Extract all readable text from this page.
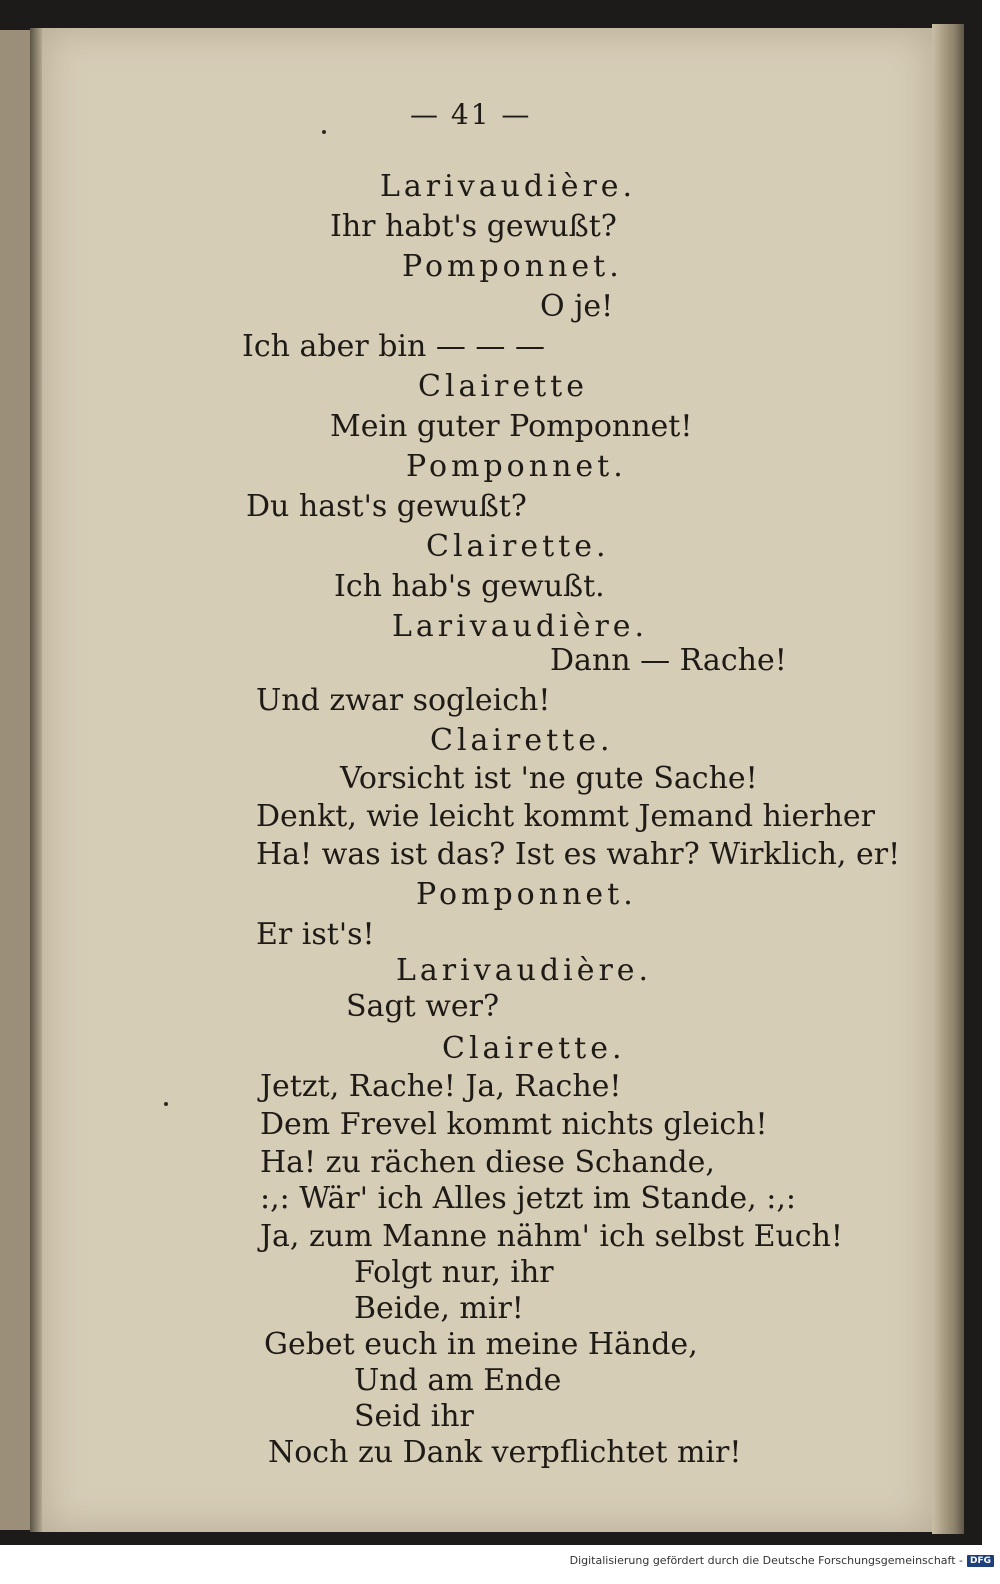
— 41 —
Larivaudière.
Ihr habt's gewußt?
Pomponnet.
O je!
Ich aber bin — — —
Clairette
Mein guter Pomponnet!
Pomponnet.
Du hast's gewußt?
Clairette.
Ich hab's gewußt.
Larivaudière.
Dann — Rache!
Und zwar sogleich!
Clairette.
Vorsicht ist 'ne gute Sache!
Denkt, wie leicht kommt Jemand hierher
Ha! was ist das? Ist es wahr? Wirklich, er!
Pomponnet.
Er ist's!
Larivaudière.
Sagt wer?
Clairette.
Jetzt, Rache! Ja, Rache!
Dem Frevel kommt nichts gleich!
Ha! zu rächen diese Schande,
:,: Wär' ich Alles jetzt im Stande, :,:
Ja, zum Manne nähm' ich selbst Euch!
Folgt nur, ihr
Beide, mir!
Gebet euch in meine Hände,
Und am Ende
Seid ihr
Noch zu Dank verpflichtet mir!
Digitalisierung gefördert durch die Deutsche Forschungsgemeinschaft - DFG
